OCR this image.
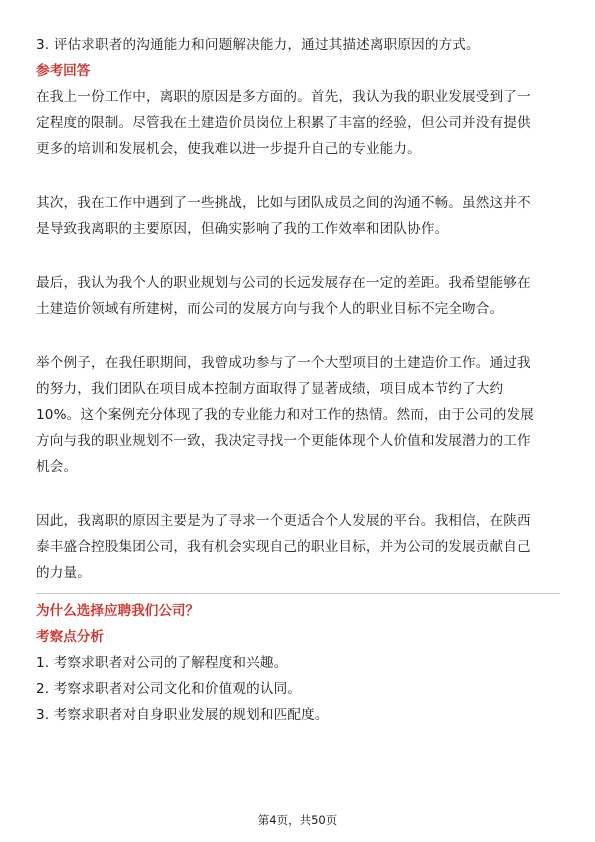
3. 评估求职者的沟通能力和问题解决能力，通过其描述离职原因的方式。

参考回答

在我上一份工作中，离职的原因是多方面的。首先，我认为我的职业发展受到了一

定程度的限制。尽管我在土建造价员岗位上积累了丰富的经验，但公司并没有提供

更多的培训和发展机会，使我难以进一步提升自己的专业能力。

其次，我在工作中遇到了一些挑战，比如与团队成员之间的沟通不畅。虽然这并不

是导致我离职的主要原因，但确实影响了我的工作效率和团队协作。

最后，我认为我个人的职业规划与公司的长远发展存在一定的差距。我希望能够在

土建造价领域有所建树，而公司的发展方向与我个人的职业目标不完全吻合。

举个例子，在我任职期间，我曾成功参与了一个大型项目的土建造价工作。通过我

的努力，我们团队在项目成本控制方面取得了显著成绩，项目成本节约了大约

10%。这个案例充分体现了我的专业能力和对工作的热情。然而，由于公司的发展

方向与我的职业规划不一致，我决定寻找一个更能体现个人价值和发展潜力的工作

机会。

因此，我离职的原因主要是为了寻求一个更适合个人发展的平台。我相信，在陕西

泰丰盛合控股集团公司，我有机会实现自己的职业目标，并为公司的发展贡献自己

的力量。

为什么选择应聘我们公司？

考察点分析

1. 考察求职者对公司的了解程度和兴趣。

2. 考察求职者对公司文化和价值观的认同。

3. 考察求职者对自身职业发展的规划和匹配度。

第4页，共50页
